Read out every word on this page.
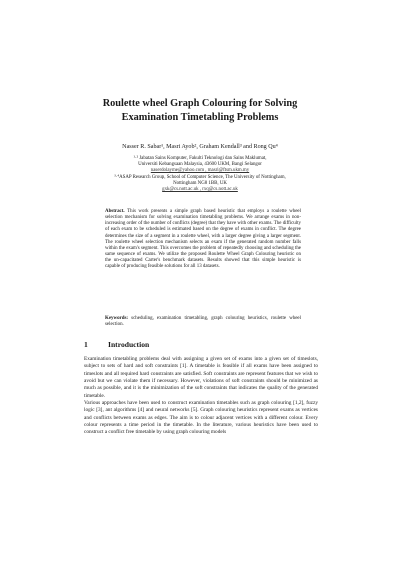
Roulette wheel Graph Colouring for Solving
Examination Timetabling Problems
Nasser R. Sabar¹, Masri Ayob², Graham Kendall³ and Rong Qu⁴
¹·² Jabatan Sains Komputer, Fakulti Teknologi dan Sains Maklumat,
Universiti Kebangsaan Malaysia, 43600 UKM, Bangi Selangor
naserdolayme@yahoo.com , masri@ftsm.ukm.my
³·⁴ASAP Research Group, School of Computer Science, The University of Nottingham,
Nottingham NG8 1BB, UK
gxk@cs.nott.ac.uk , rxq@cs.nott.ac.uk
Abstract. This work presents a simple graph based heuristic that employs a roulette wheel selection mechanism for solving examination timetabling problems. We arrange exams in non-increasing order of the number of conflicts (degree) that they have with other exams. The difficulty of each exam to be scheduled is estimated based on the degree of exams in conflict. The degree determines the size of a segment in a roulette wheel, with a larger degree giving a larger segment. The roulette wheel selection mechanism selects an exam if the generated random number falls within the exam's segment. This overcomes the problem of repeatedly choosing and scheduling the same sequence of exams. We utilize the proposed Roulette Wheel Graph Colouring heuristic on the un-capacitated Carter's benchmark datasets. Results showed that this simple heuristic is capable of producing feasible solutions for all 13 datasets.
Keywords: scheduling, examination timetabling, graph colouring heuristics, roulette wheel selection.
1	Introduction

Examination timetabling problems deal with assigning a given set of exams into a given set of timeslots, subject to sets of hard and soft constraints [1]. A timetable is feasible if all exams have been assigned to timeslots and all required hard constraints are satisfied. Soft constraints are represent features that we wish to avoid but we can violate them if necessary. However, violations of soft constraints should be minimized as much as possible, and it is the minimization of the soft constraints that indicates the quality of the generated timetable.

Various approaches have been used to construct examination timetables such as graph colouring [1,2], fuzzy logic [3], ant algorithms [4] and neural networks [5]. Graph colouring heuristics represent exams as vertices and conflicts between exams as edges. The aim is to colour adjacent vertices with a different colour. Every colour represents a time period in the timetable. In the literature, various heuristics have been used to construct a conflict free timetable by using graph colouring models
